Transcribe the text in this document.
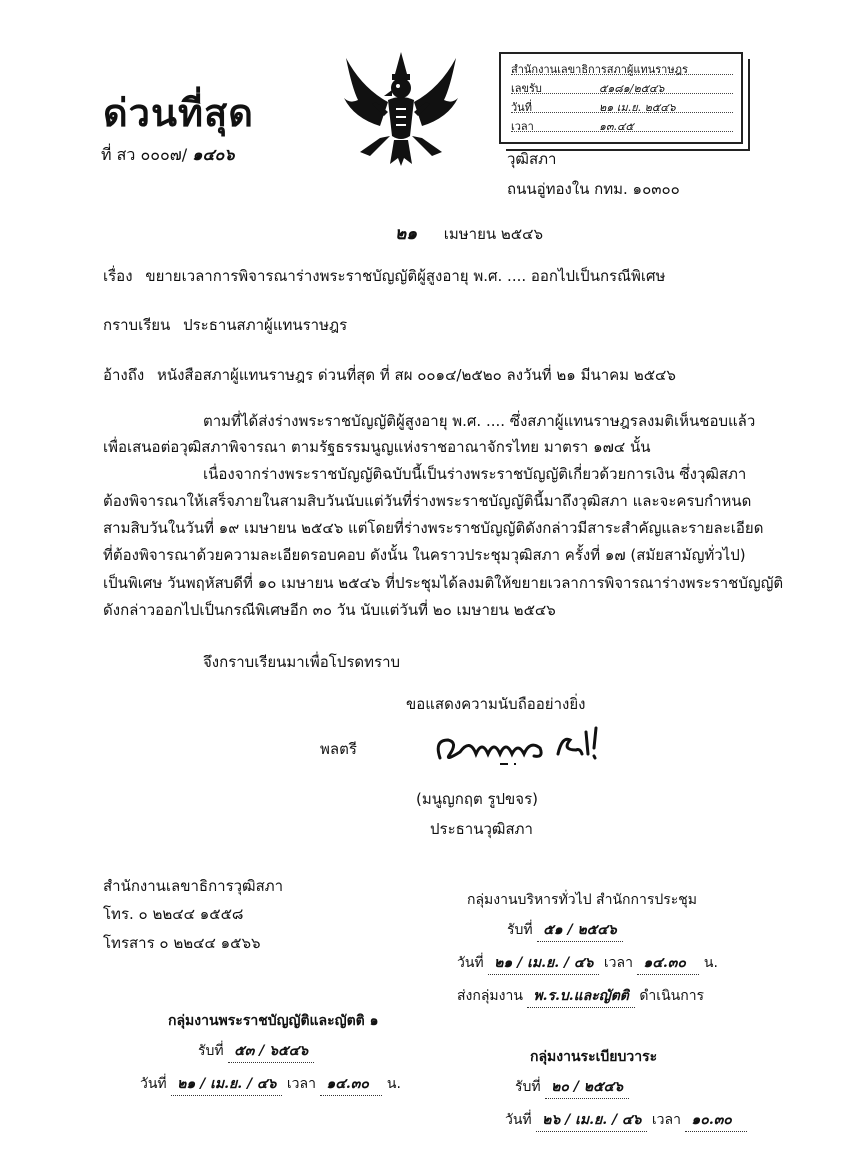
ด่วนที่สุด
ที่ สว ๐๐๐๗/ ๑๔๐๖
สำนักงานเลขาธิการสภาผู้แทนราษฎร
เลขรับ	๕๑๘๑/๒๕๔๖
วันที่	๒๑ เม.ย. ๒๕๔๖
เวลา	๑๓.๔๕
วุฒิสภา
ถนนอู่ทองใน กทม. ๑๐๓๐๐
๒๑ เมษายน ๒๕๔๖
เรื่อง ขยายเวลาการพิจารณาร่างพระราชบัญญัติผู้สูงอายุ พ.ศ. .... ออกไปเป็นกรณีพิเศษ
กราบเรียน ประธานสภาผู้แทนราษฎร
อ้างถึง หนังสือสภาผู้แทนราษฎร ด่วนที่สุด ที่ สผ ๐๐๑๔/๒๕๒๐ ลงวันที่ ๒๑ มีนาคม ๒๕๔๖
ตามที่ได้ส่งร่างพระราชบัญญัติผู้สูงอายุ พ.ศ. .... ซึ่งสภาผู้แทนราษฎรลงมติเห็นชอบแล้ว
เพื่อเสนอต่อวุฒิสภาพิจารณา ตามรัฐธรรมนูญแห่งราชอาณาจักรไทย มาตรา ๑๗๔ นั้น
เนื่องจากร่างพระราชบัญญัติฉบับนี้เป็นร่างพระราชบัญญัติเกี่ยวด้วยการเงิน ซึ่งวุฒิสภา
ต้องพิจารณาให้เสร็จภายในสามสิบวันนับแต่วันที่ร่างพระราชบัญญัตินี้มาถึงวุฒิสภา และจะครบกำหนด
สามสิบวันในวันที่ ๑๙ เมษายน ๒๕๔๖ แต่โดยที่ร่างพระราชบัญญัติดังกล่าวมีสาระสำคัญและรายละเอียด
ที่ต้องพิจารณาด้วยความละเอียดรอบคอบ ดังนั้น ในคราวประชุมวุฒิสภา ครั้งที่ ๑๗ (สมัยสามัญทั่วไป)
เป็นพิเศษ วันพฤหัสบดีที่ ๑๐ เมษายน ๒๕๔๖ ที่ประชุมได้ลงมติให้ขยายเวลาการพิจารณาร่างพระราชบัญญัติ
ดังกล่าวออกไปเป็นกรณีพิเศษอีก ๓๐ วัน นับแต่วันที่ ๒๐ เมษายน ๒๕๔๖
จึงกราบเรียนมาเพื่อโปรดทราบ
ขอแสดงความนับถืออย่างยิ่ง
พลตรี
(มนูญกฤต รูปขจร)
ประธานวุฒิสภา
สำนักงานเลขาธิการวุฒิสภา
โทร. ๐ ๒๒๔๔ ๑๕๕๘
โทรสาร ๐ ๒๒๔๔ ๑๕๖๖
กลุ่มงานบริหารทั่วไป สำนักการประชุม
รับที่ ๕๑ / ๒๕๔๖
วันที่ ๒๑ / เม.ย. / ๔๖ เวลา ๑๔.๓๐ น.
ส่งกลุ่มงาน พ.ร.บ.และญัตติ ดำเนินการ
กลุ่มงานพระราชบัญญัติและญัตติ ๑
รับที่ ๕๓ / ๖๕๔๖
วันที่ ๒๑ / เม.ย. / ๔๖ เวลา ๑๔.๓๐ น.
กลุ่มงานระเบียบวาระ
รับที่ ๒๐ / ๒๕๔๖
วันที่ ๒๖ / เม.ย. / ๔๖ เวลา ๑๐.๓๐
